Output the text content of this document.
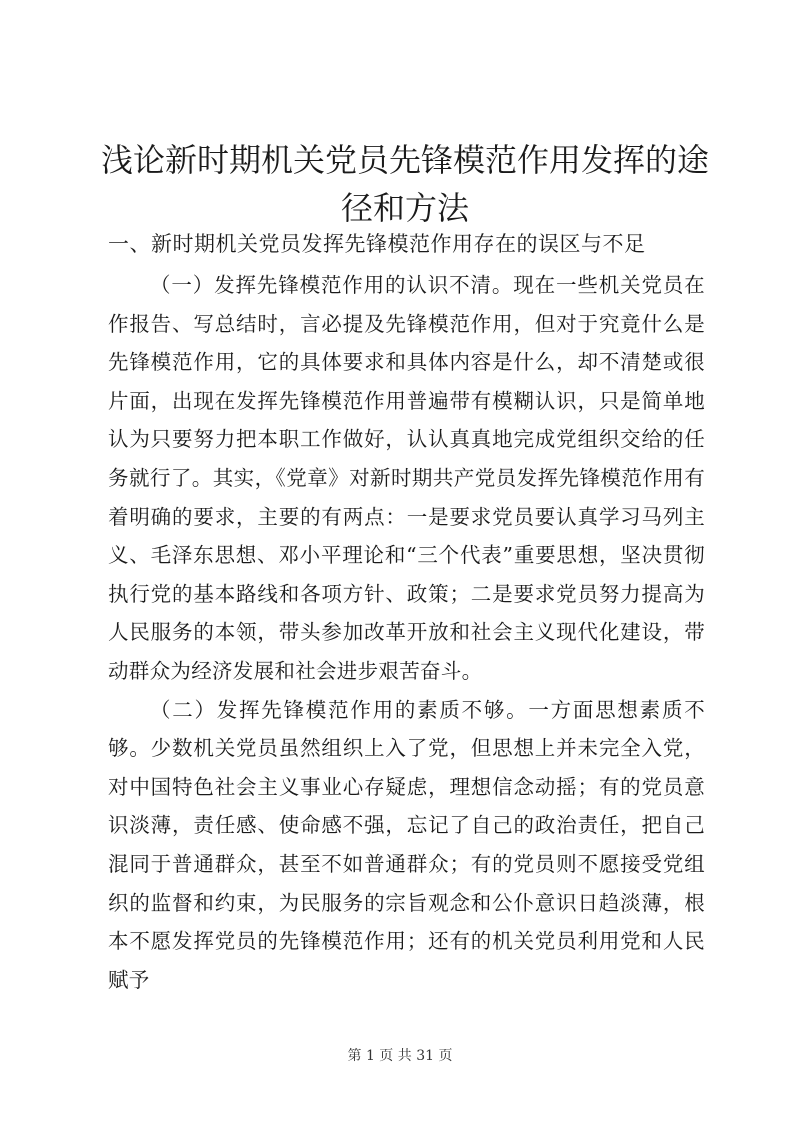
浅论新时期机关党员先锋模范作用发挥的途径和方法

一、新时期机关党员发挥先锋模范作用存在的误区与不足

（一）发挥先锋模范作用的认识不清。现在一些机关党员在作报告、写总结时，言必提及先锋模范作用，但对于究竟什么是先锋模范作用，它的具体要求和具体内容是什么，却不清楚或很片面，出现在发挥先锋模范作用普遍带有模糊认识，只是简单地认为只要努力把本职工作做好，认认真真地完成党组织交给的任务就行了。其实，《党章》对新时期共产党员发挥先锋模范作用有着明确的要求，主要的有两点：一是要求党员要认真学习马列主义、毛泽东思想、邓小平理论和“三个代表”重要思想，坚决贯彻执行党的基本路线和各项方针、政策；二是要求党员努力提高为人民服务的本领，带头参加改革开放和社会主义现代化建设，带动群众为经济发展和社会进步艰苦奋斗。

（二）发挥先锋模范作用的素质不够。一方面思想素质不够。少数机关党员虽然组织上入了党，但思想上并未完全入党，对中国特色社会主义事业心存疑虑，理想信念动摇；有的党员意识淡薄，责任感、使命感不强，忘记了自己的政治责任，把自己混同于普通群众，甚至不如普通群众；有的党员则不愿接受党组织的监督和约束，为民服务的宗旨观念和公仆意识日趋淡薄，根本不愿发挥党员的先锋模范作用；还有的机关党员利用党和人民赋予

第 1 页 共 31 页
